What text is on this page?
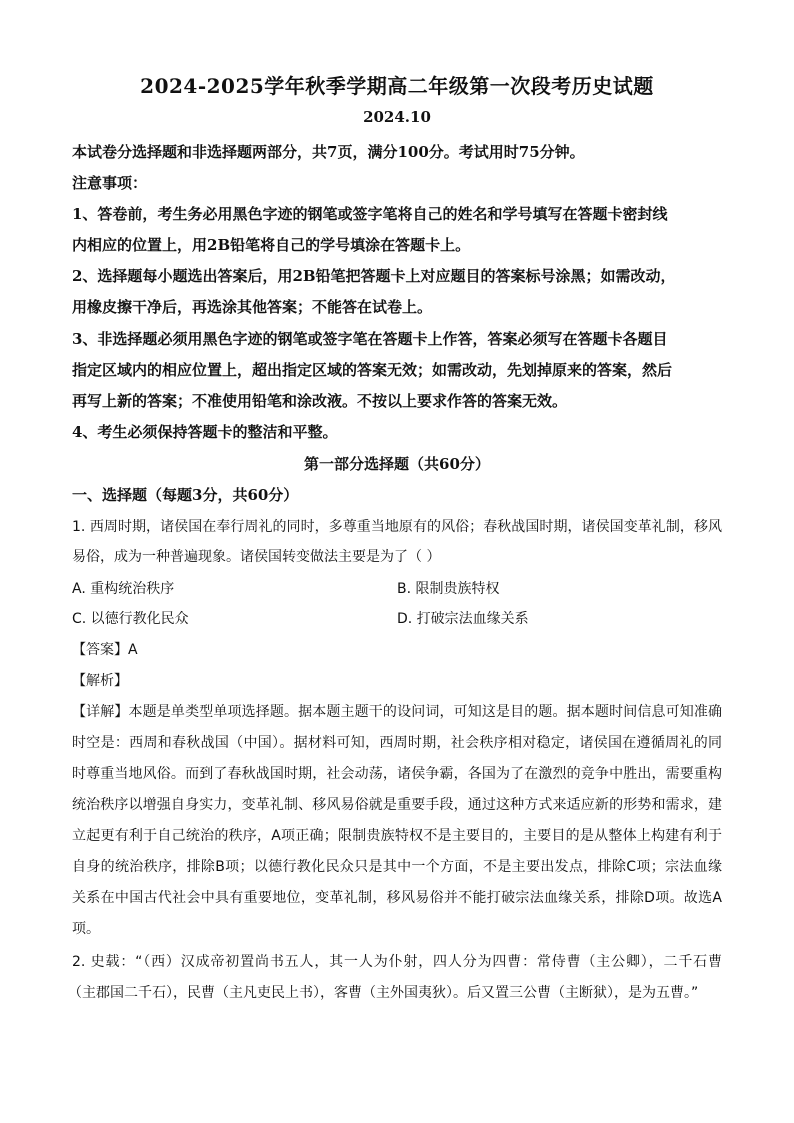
2024-2025学年秋季学期高二年级第一次段考历史试题
2024.10
本试卷分选择题和非选择题两部分，共7页，满分100分。考试用时75分钟。
注意事项：
1、答卷前，考生务必用黑色字迹的钢笔或签字笔将自己的姓名和学号填写在答题卡密封线
内相应的位置上，用2B铅笔将自己的学号填涂在答题卡上。
2、选择题每小题选出答案后，用2B铅笔把答题卡上对应题目的答案标号涂黑；如需改动，
用橡皮擦干净后，再选涂其他答案；不能答在试卷上。
3、非选择题必须用黑色字迹的钢笔或签字笔在答题卡上作答，答案必须写在答题卡各题目
指定区域内的相应位置上，超出指定区域的答案无效；如需改动，先划掉原来的答案，然后
再写上新的答案；不准使用铅笔和涂改液。不按以上要求作答的答案无效。
4、考生必须保持答题卡的整洁和平整。
第一部分选择题（共60分）
一、选择题（每题3分，共60分）
1. 西周时期，诸侯国在奉行周礼的同时，多尊重当地原有的风俗；春秋战国时期，诸侯国变革礼制，移风
易俗，成为一种普遍现象。诸侯国转变做法主要是为了（ ）
A. 重构统治秩序	B. 限制贵族特权
C. 以德行教化民众	D. 打破宗法血缘关系
【答案】A
【解析】
【详解】本题是单类型单项选择题。据本题主题干的设问词，可知这是目的题。据本题时间信息可知准确
时空是：西周和春秋战国（中国）。据材料可知，西周时期，社会秩序相对稳定，诸侯国在遵循周礼的同
时尊重当地风俗。而到了春秋战国时期，社会动荡，诸侯争霸，各国为了在激烈的竞争中胜出，需要重构
统治秩序以增强自身实力，变革礼制、移风易俗就是重要手段，通过这种方式来适应新的形势和需求，建
立起更有利于自己统治的秩序，A项正确；限制贵族特权不是主要目的，主要目的是从整体上构建有利于
自身的统治秩序，排除B项；以德行教化民众只是其中一个方面，不是主要出发点，排除C项；宗法血缘
关系在中国古代社会中具有重要地位，变革礼制，移风易俗并不能打破宗法血缘关系，排除D项。故选A
项。
2. 史载：“（西）汉成帝初置尚书五人，其一人为仆射，四人分为四曹：常侍曹（主公卿），二千石曹
（主郡国二千石），民曹（主凡吏民上书），客曹（主外国夷狄）。后又置三公曹（主断狱），是为五曹。”
